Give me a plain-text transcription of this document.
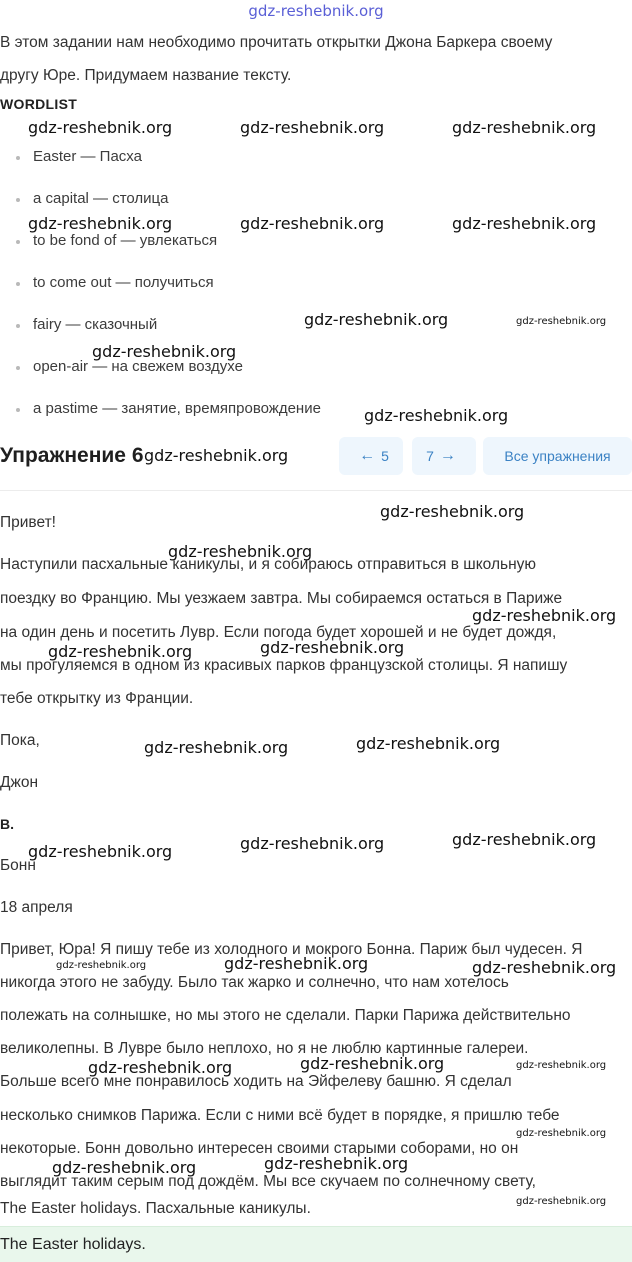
gdz-reshebnik.org
В этом задании нам необходимо прочитать открытки Джона Баркера своему
другу Юре. Придумаем название тексту.
WORDLIST
Easter — Пасха
a capital — столица
to be fond of — увлекаться
to come out — получиться
fairy — сказочный
open-air — на свежем воздухе
a pastime — занятие, времяпровождение
Упражнение 6	← 5	7 →	Все упражнения
Привет!
Наступили пасхальные каникулы, и я собираюсь отправиться в школьную
поездку во Францию. Мы уезжаем завтра. Мы собираемся остаться в Париже
на один день и посетить Лувр. Если погода будет хорошей и не будет дождя,
мы прогуляемся в одном из красивых парков французской столицы. Я напишу
тебе открытку из Франции.
Пока,
Джон
B.
Бонн
18 апреля
Привет, Юра! Я пишу тебе из холодного и мокрого Бонна. Париж был чудесен. Я
никогда этого не забуду. Было так жарко и солнечно, что нам хотелось
полежать на солнышке, но мы этого не сделали. Парки Парижа действительно
великолепны. В Лувре было неплохо, но я не люблю картинные галереи.
Больше всего мне понравилось ходить на Эйфелеву башню. Я сделал
несколько снимков Парижа. Если с ними всё будет в порядке, я пришлю тебе
некоторые. Бонн довольно интересен своими старыми соборами, но он
выглядит таким серым под дождём. Мы все скучаем по солнечному свету,
The Easter holidays. Пасхальные каникулы.
The Easter holidays.
gdz-reshebnik.org	gdz-reshebnik.org	gdz-reshebnik.org
gdz-reshebnik.org	gdz-reshebnik.org	gdz-reshebnik.org
gdz-reshebnik.org	gdz-reshebnik.org
gdz-reshebnik.org
gdz-reshebnik.org
gdz-reshebnik.org
gdz-reshebnik.org
gdz-reshebnik.org
gdz-reshebnik.org
gdz-reshebnik.org	gdz-reshebnik.org
gdz-reshebnik.org	gdz-reshebnik.org
gdz-reshebnik.org	gdz-reshebnik.org	gdz-reshebnik.org
gdz-reshebnik.org	gdz-reshebnik.org	gdz-reshebnik.org
gdz-reshebnik.org	gdz-reshebnik.org	gdz-reshebnik.org
gdz-reshebnik.org
gdz-reshebnik.org	gdz-reshebnik.org
gdz-reshebnik.org
